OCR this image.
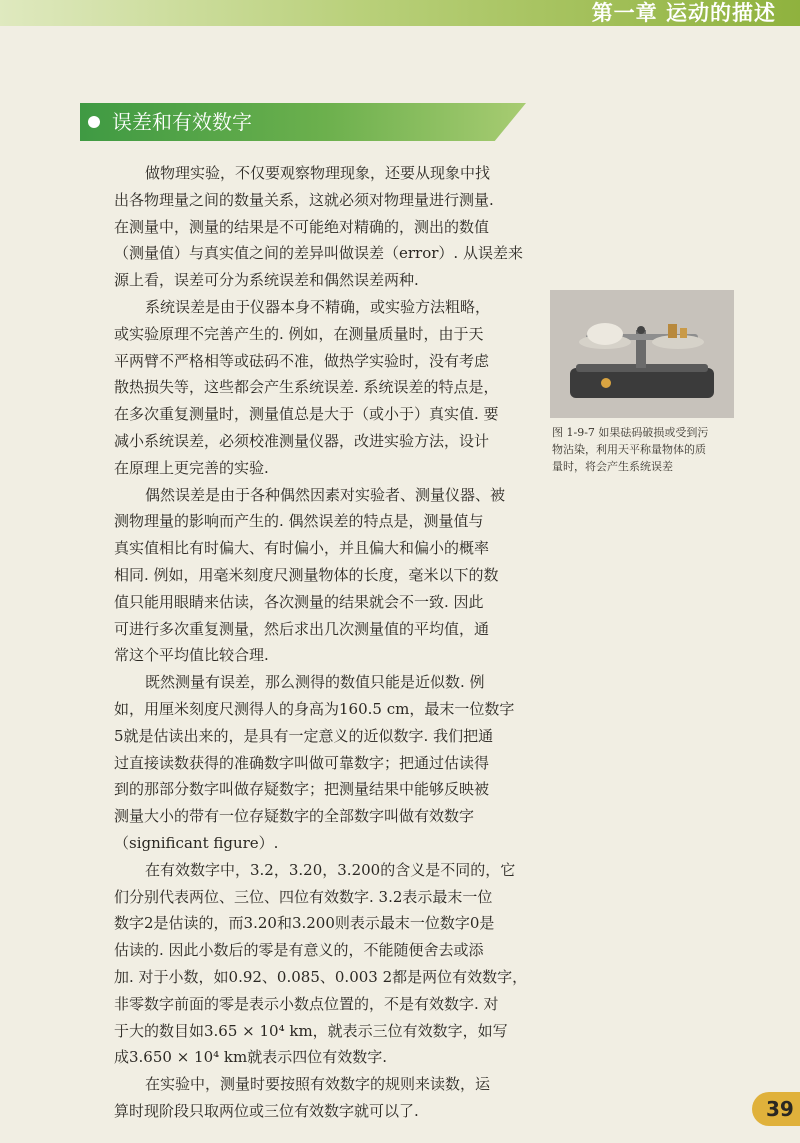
第一章 运动的描述
误差和有效数字
做物理实验，不仅要观察物理现象，还要从现象中找
出各物理量之间的数量关系，这就必须对物理量进行测量.
在测量中，测量的结果是不可能绝对精确的，测出的数值
（测量值）与真实值之间的差异叫做误差（error）. 从误差来
源上看，误差可分为系统误差和偶然误差两种.
系统误差是由于仪器本身不精确，或实验方法粗略，
或实验原理不完善产生的. 例如，在测量质量时，由于天
平两臂不严格相等或砝码不准，做热学实验时，没有考虑
散热损失等，这些都会产生系统误差. 系统误差的特点是，
在多次重复测量时，测量值总是大于（或小于）真实值. 要
减小系统误差，必须校准测量仪器，改进实验方法，设计
在原理上更完善的实验.
偶然误差是由于各种偶然因素对实验者、测量仪器、被
测物理量的影响而产生的. 偶然误差的特点是，测量值与
真实值相比有时偏大、有时偏小，并且偏大和偏小的概率
相同. 例如，用毫米刻度尺测量物体的长度，毫米以下的数
值只能用眼睛来估读，各次测量的结果就会不一致. 因此
可进行多次重复测量，然后求出几次测量值的平均值，通
常这个平均值比较合理.
既然测量有误差，那么测得的数值只能是近似数. 例
如，用厘米刻度尺测得人的身高为160.5 cm，最末一位数字
5就是估读出来的，是具有一定意义的近似数字. 我们把通
过直接读数获得的准确数字叫做可靠数字；把通过估读得
到的那部分数字叫做存疑数字；把测量结果中能够反映被
测量大小的带有一位存疑数字的全部数字叫做有效数字
（significant figure）.
在有效数字中，3.2，3.20，3.200的含义是不同的，它
们分别代表两位、三位、四位有效数字. 3.2表示最末一位
数字2是估读的，而3.20和3.200则表示最末一位数字0是
估读的. 因此小数后的零是有意义的，不能随便舍去或添
加. 对于小数，如0.92、0.085、0.003 2都是两位有效数字，
非零数字前面的零是表示小数点位置的，不是有效数字. 对
于大的数目如3.65 × 10⁴ km，就表示三位有效数字，如写
成3.650 × 10⁴ km就表示四位有效数字.
在实验中，测量时要按照有效数字的规则来读数，运
算时现阶段只取两位或三位有效数字就可以了.
图 1-9-7 如果砝码破损或受到污
物沾染，利用天平称量物体的质
量时，将会产生系统误差
39
